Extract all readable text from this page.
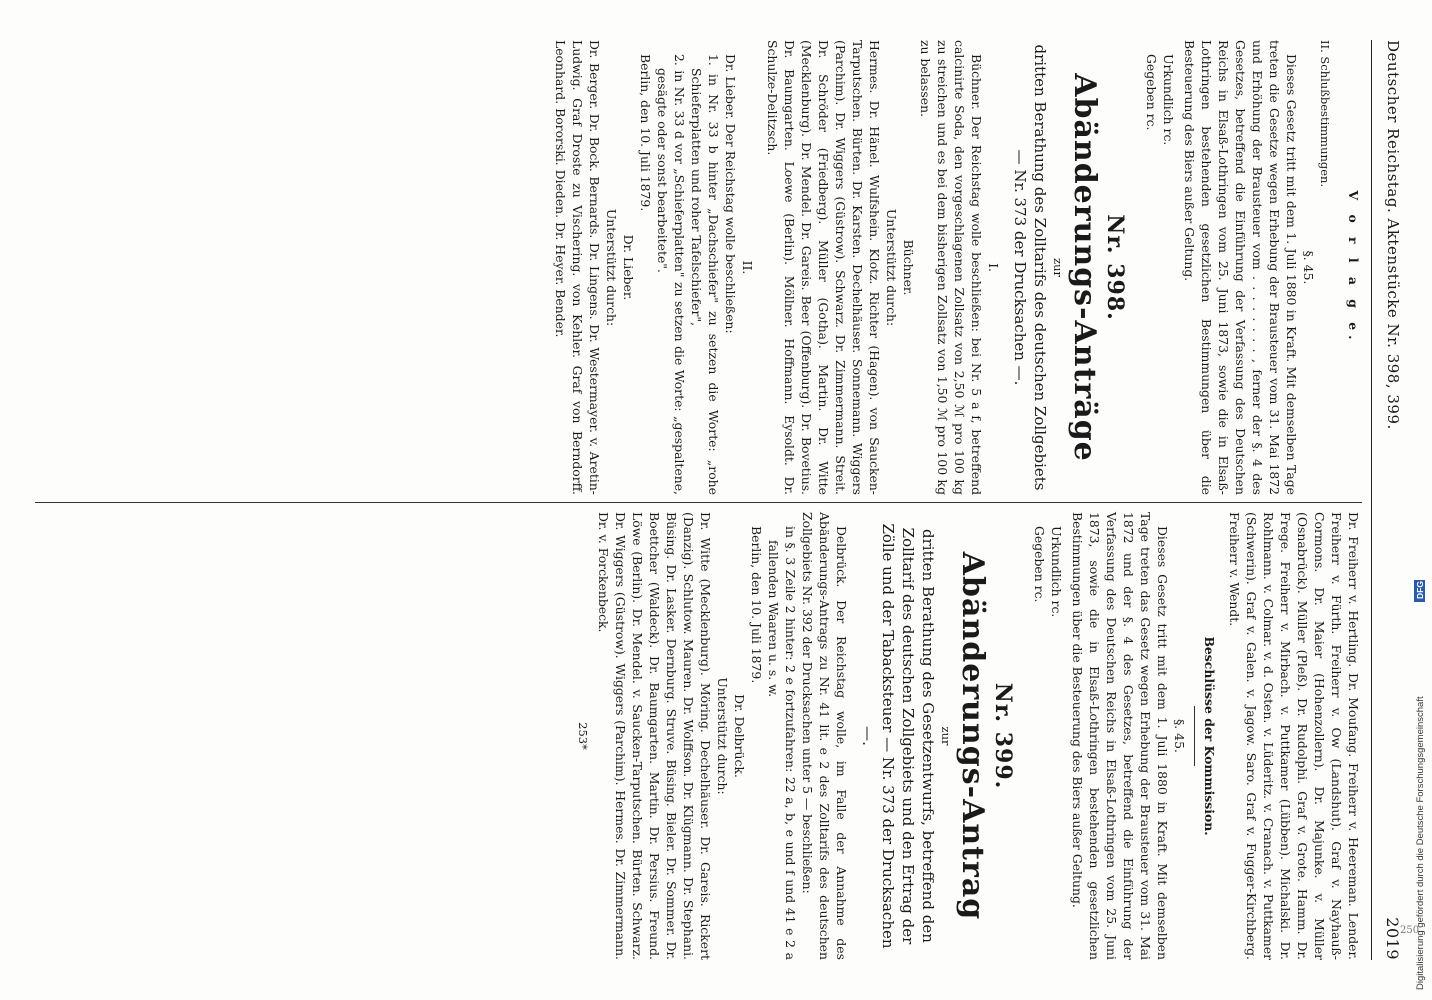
Deutscher Reichstag. Aktenstücke Nr. 398, 399.
2019

V o r l a g e.

II. Schlußbestimmungen.

§. 45.

Dieses Gesetz tritt mit dem 1. Juli 1880 in Kraft. Mit demselben Tage treten die Gesetze wegen Erhebung der Brausteuer vom 31. Mai 1872 und Erhöhung der Brausteuer vom . . . . . . . . , ferner der §. 4 des Gesetzes, betreffend die Einführung der Verfassung des Deutschen Reichs in Elsaß-Lothringen vom 25. Juni 1873, sowie die in Elsaß-Lothringen bestehenden gesetzlichen Bestimmungen über die Besteuerung des Biers außer Geltung.

Urkundlich rc.

Gegeben rc.

Nr. 398.

Abänderungs-Anträge

zur

dritten Berathung des Zolltarifs des deutschen Zollgebiets — Nr. 373 der Drucksachen —.

I.

Büchner. Der Reichstag wolle beschließen: bei Nr. 5 a f, betreffend calcinirte Soda, den vorgeschlagenen Zollsatz von 2,50 ℳ pro 100 kg zu streichen und es bei dem bisherigen Zollsatz von 1,50 ℳ pro 100 kg zu belassen.

Büchner.

Unterstützt durch:

Hermes. Dr. Hänel. Wulfshein. Klotz. Richter (Hagen). von Saucken-Tarputschen. Bürten. Dr. Karsten. Dechelhäuser. Sonnemann. Wiggers (Parchim). Dr. Wiggers (Güstrow). Schwarz. Dr. Zimmermann. Streit. Dr. Schröder (Friedberg). Müller (Gotha). Martin. Dr. Witte (Mecklenburg). Dr. Mendel. Dr. Gareis. Beer (Offenburg). Dr. Bovetius. Dr. Baumgarten. Loewe (Berlin). Möllner. Hoffmann. Eysoldt. Dr. Schulze-Delitzsch.

II.

Dr. Lieber. Der Reichstag wolle beschließen:

1. in Nr. 33 b hinter „Dachschiefer" zu setzen die Worte: „rohe Schieferplatten und roher Tafelschiefer",

2. in Nr. 33 d vor „Schieferplatten" zu setzen die Worte: „gespaltene, gesägte oder sonst bearbeitete".

Berlin, den 10. Juli 1879.

Dr. Lieber.

Unterstützt durch:

Dr. Berger. Dr. Bock. Bernards. Dr. Lingens. Dr. Westermayer. v. Aretin-Ludwig. Graf Droste zu Vischering. von Kehler. Graf von Berndorff. Leonhard. Bororski. Dieden. Dr. Heyer. Bender.

Dr. Freiherr v. Hertling. Dr. Moufang. Freiherr v. Heereman. Lender. Freiherr v. Fürth. Freiherr v. Ow (Landshut). Graf v. Nayhauß-Cormons. Dr. Maier (Hohenzollern). Dr. Majunke. v. Müller (Osnabrück). Müller (Pleß). Dr. Rudolphi. Graf v. Grote. Hamm. Dr. Frege. Freiherr v. Mirbach. v. Puttkamer (Lübben). Michalski. Dr. Rohlmann. v. Colmar. v. d. Osten. v. Lüderitz. v. Cranach. v. Puttkamer (Schwerin). Graf v. Galen. v. Jagow. Saro. Graf v. Fugger-Kirchberg. Freiherr v. Wendt.

Beschlüsse der Kommission.

§. 45.

Dieses Gesetz tritt mit dem 1. Juli 1880 in Kraft. Mit demselben Tage treten das Gesetz wegen Erhebung der Brausteuer vom 31. Mai 1872 und der §. 4 des Gesetzes, betreffend die Einführung der Verfassung des Deutschen Reichs in Elsaß-Lothringen vom 25. Juni 1873, sowie die in Elsaß-Lothringen bestehenden gesetzlichen Bestimmungen über die Besteuerung des Biers außer Geltung.

Urkundlich rc.

Gegeben rc.

Nr. 399.

Abänderungs-Antrag

zur

dritten Berathung des Gesetzentwurfs, betreffend den Zolltarif des deutschen Zollgebiets und den Ertrag der Zölle und der Tabacksteuer — Nr. 373 der Drucksachen —.

Delbrück. Der Reichstag wolle, im Falle der Annahme des Abänderungs-Antrags zu Nr. 41 lit. e 2 des Zolltarifs des deutschen Zollgebiets Nr. 392 der Drucksachen unter 5 — beschließen:

in §. 3 Zeile 2 hinter: 2 e fortzufahren: 22 a, b, e und f und 41 e 2 a fallenden Waaren u. s. w.

Berlin, den 10. Juli 1879.

Dr. Delbrück.

Unterstützt durch:

Dr. Witte (Mecklenburg). Möring. Dechelhäuser. Dr. Gareis. Rickert (Danzig). Schlutow. Mauren. Dr. Wolffson. Dr. Klügmann. Dr. Stephani. Büsing. Dr. Lasker. Dernburg. Struve. Büsing. Bieler. Dr. Sommer. Dr. Boettcher (Waldeck). Dr. Baumgarten. Martin. Dr. Persius. Freund. Löwe (Berlin). Dr. Mendel. v. Saucken-Tarputschen. Bürten. Schwarz. Dr. Wiggers (Güstrow). Wiggers (Parchim). Hermes. Dr. Zimmermann. Dr. v. Forckenbeck.

253*	Digitalisierung gefördert durch die Deutsche Forschungsgemeinschaft
DFG
250
